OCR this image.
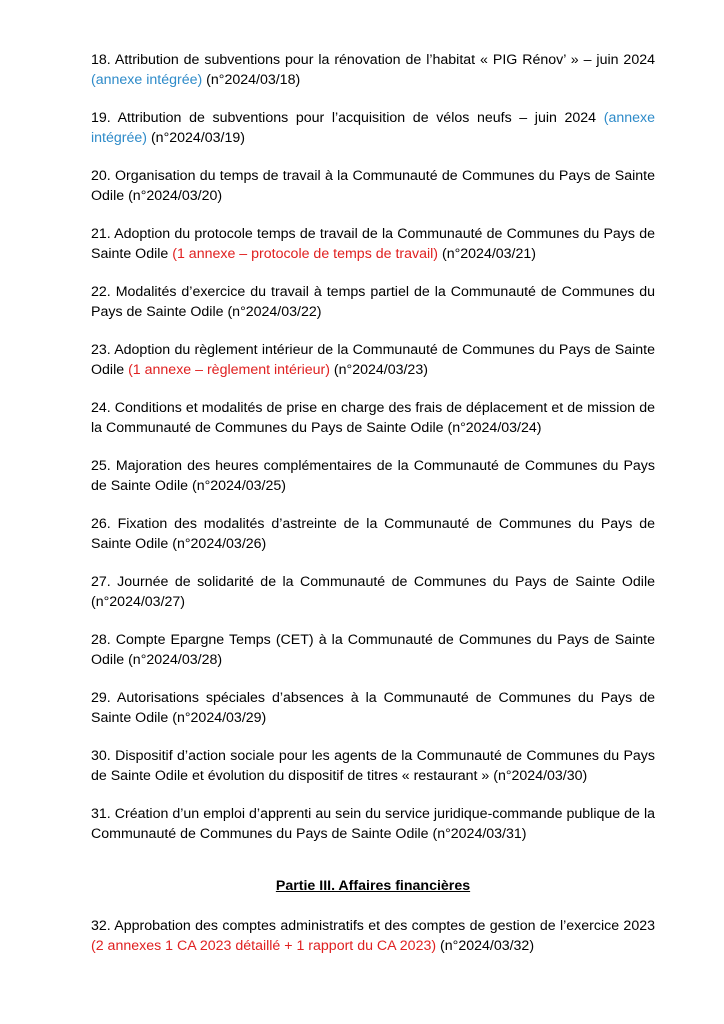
18. Attribution de subventions pour la rénovation de l’habitat « PIG Rénov’ » – juin 2024 (annexe intégrée) (n°2024/03/18)

19. Attribution de subventions pour l’acquisition de vélos neufs – juin 2024 (annexe intégrée) (n°2024/03/19)

20. Organisation du temps de travail à la Communauté de Communes du Pays de Sainte Odile (n°2024/03/20)

21. Adoption du protocole temps de travail de la Communauté de Communes du Pays de Sainte Odile (1 annexe – protocole de temps de travail) (n°2024/03/21)

22. Modalités d’exercice du travail à temps partiel de la Communauté de Communes du Pays de Sainte Odile (n°2024/03/22)

23. Adoption du règlement intérieur de la Communauté de Communes du Pays de Sainte Odile (1 annexe – règlement intérieur) (n°2024/03/23)

24. Conditions et modalités de prise en charge des frais de déplacement et de mission de la Communauté de Communes du Pays de Sainte Odile (n°2024/03/24)

25. Majoration des heures complémentaires de la Communauté de Communes du Pays de Sainte Odile (n°2024/03/25)

26. Fixation des modalités d’astreinte de la Communauté de Communes du Pays de Sainte Odile (n°2024/03/26)

27. Journée de solidarité de la Communauté de Communes du Pays de Sainte Odile (n°2024/03/27)

28. Compte Epargne Temps (CET) à la Communauté de Communes du Pays de Sainte Odile (n°2024/03/28)

29. Autorisations spéciales d’absences à la Communauté de Communes du Pays de Sainte Odile (n°2024/03/29)

30. Dispositif d’action sociale pour les agents de la Communauté de Communes du Pays de Sainte Odile et évolution du dispositif de titres « restaurant » (n°2024/03/30)

31. Création d’un emploi d’apprenti au sein du service juridique-commande publique de la Communauté de Communes du Pays de Sainte Odile (n°2024/03/31)

Partie III. Affaires financières

32. Approbation des comptes administratifs et des comptes de gestion de l’exercice 2023 (2 annexes 1 CA 2023 détaillé + 1 rapport du CA 2023) (n°2024/03/32)
